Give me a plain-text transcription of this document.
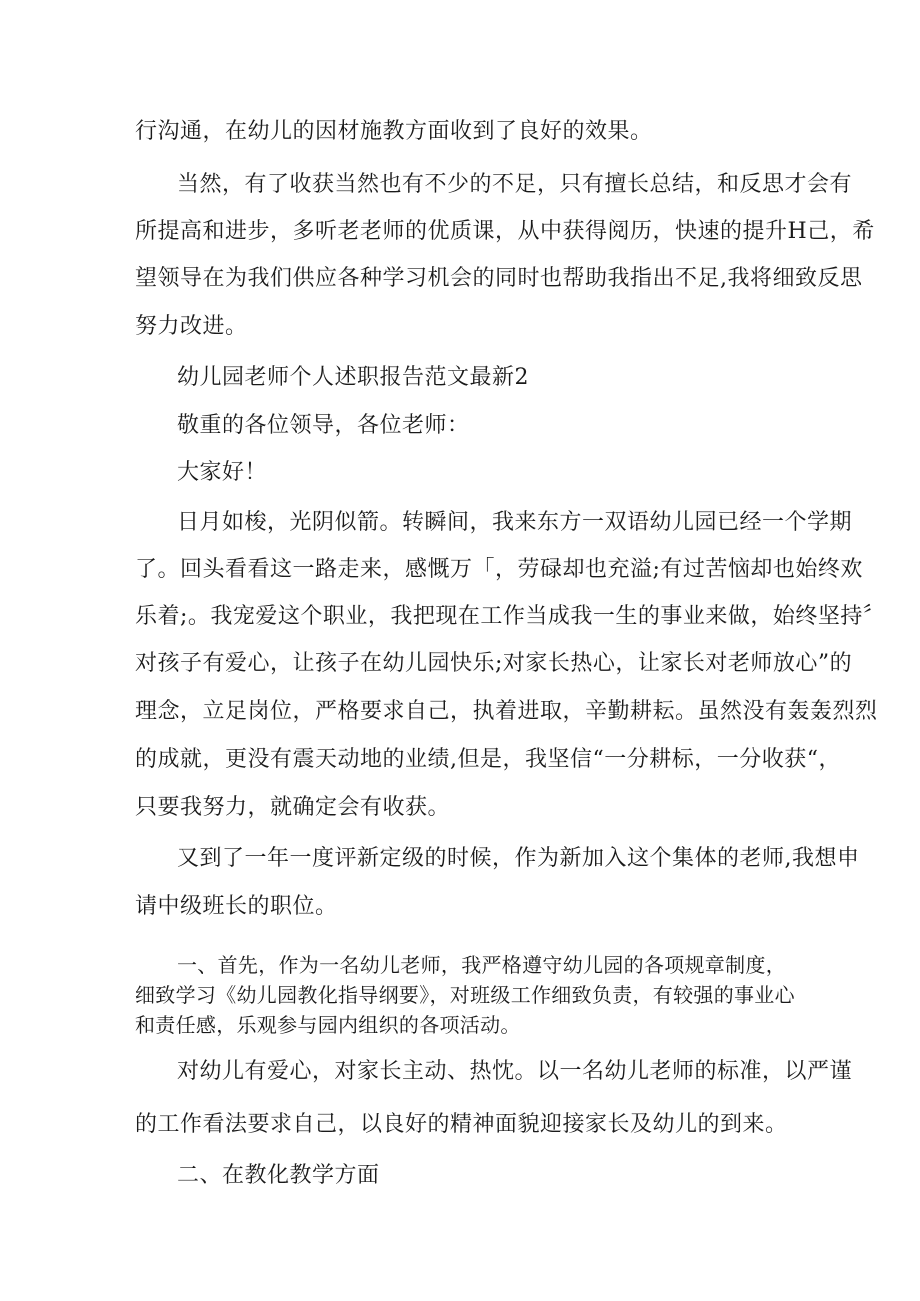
行沟通，在幼儿的因材施教方面收到了良好的效果。
当然，有了收获当然也有不少的不足，只有擅长总结，和反思才会有
所提高和进步，多听老老师的优质课，从中获得阅历，快速的提升H己，希
望领导在为我们供应各种学习机会的同时也帮助我指出不足,我将细致反思
努力改进。
幼儿园老师个人述职报告范文最新2
敬重的各位领导，各位老师：
大家好！
日月如梭，光阴似箭。转瞬间，我来东方一双语幼儿园已经一个学期
了。回头看看这一路走来，感慨万「，劳碌却也充溢;有过苦恼却也始终欢
乐着;。我宠爱这个职业，我把现在工作当成我一生的事业来做，始终坚持〞
对孩子有爱心，让孩子在幼儿园快乐;对家长热心，让家长对老师放心”的
理念，立足岗位，严格要求自己，执着进取，辛勤耕耘。虽然没有轰轰烈烈
的成就，更没有震天动地的业绩,但是，我坚信“一分耕标，一分收获“，
只要我努力，就确定会有收获。
又到了一年一度评新定级的时候，作为新加入这个集体的老师,我想申
请中级班长的职位。
一、首先，作为一名幼儿老师，我严格遵守幼儿园的各项规章制度，
细致学习《幼儿园教化指导纲要》，对班级工作细致负责，有较强的事业心
和责任感，乐观参与园内组织的各项活动。
对幼儿有爱心，对家长主动、热忱。以一名幼儿老师的标准，以严谨
的工作看法要求自己，以良好的精神面貌迎接家长及幼儿的到来。
二、在教化教学方面
